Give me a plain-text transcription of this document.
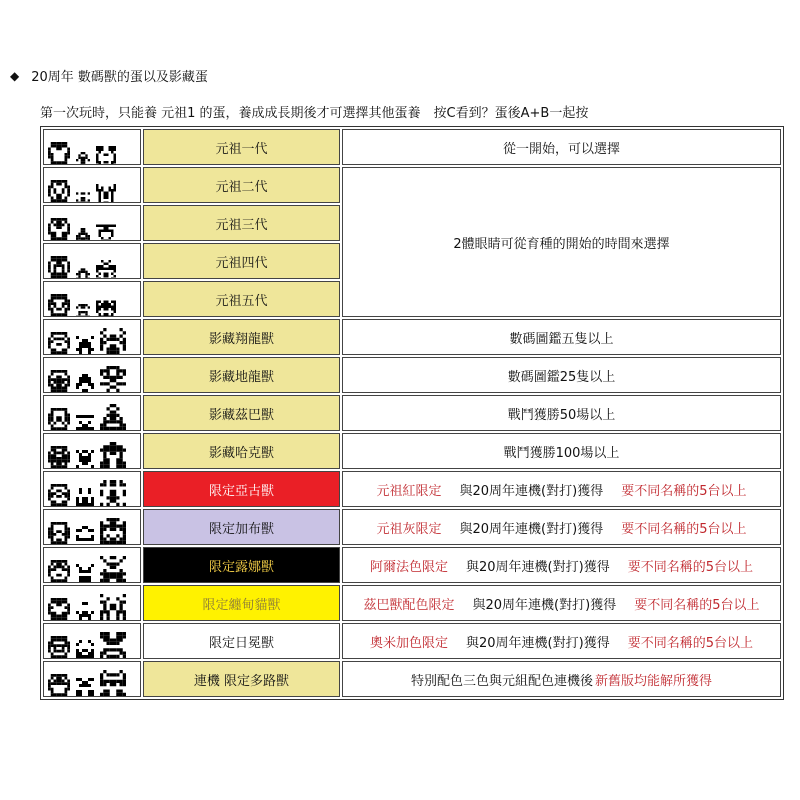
◆ 20周年 數碼獸的蛋以及影藏蛋
第一次玩時，只能養 元祖1 的蛋，養成成長期後才可選擇其他蛋養　按C看到？蛋後A+B一起按
	元祖一代	從一開始，可以選擇

	元祖二代	2體眼睛可從育種的開始的時間來選擇

	元祖三代	

	元祖四代	

	元祖五代	

	影藏翔龍獸	數碼圖鑑五隻以上

	影藏地龍獸	數碼圖鑑25隻以上

	影藏茲巴獸	戰鬥獲勝50場以上

	影藏哈克獸	戰鬥獲勝100場以上

	限定亞古獸	元祖紅限定 與20周年連機(對打)獲得 要不同名稱的5台以上

	限定加布獸	元祖灰限定 與20周年連機(對打)獲得 要不同名稱的5台以上

	限定露娜獸	阿爾法色限定 與20周年連機(對打)獲得 要不同名稱的5台以上

	限定纏甸貓獸	茲巴獸配色限定 與20周年連機(對打)獲得 要不同名稱的5台以上

	限定日冕獸	奧米加色限定 與20周年連機(對打)獲得 要不同名稱的5台以上

	連機 限定多路獸	特別配色三色與元組配色連機後 新舊版均能解所獲得
